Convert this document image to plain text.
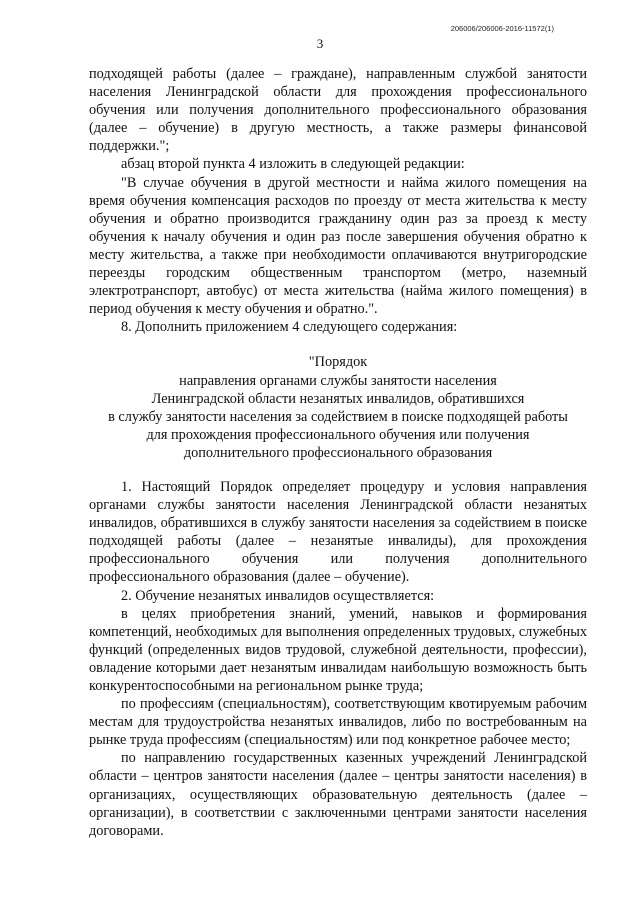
206006/206006-2016-11572(1)
3

подходящей работы (далее – граждане), направленным службой занятости населения Ленинградской области для прохождения профессионального обучения или получения дополнительного профессионального образования (далее – обучение) в другую местность, а также размеры финансовой поддержки.";

абзац второй пункта 4 изложить в следующей редакции:

"В случае обучения в другой местности и найма жилого помещения на время обучения компенсация расходов по проезду от места жительства к месту обучения и обратно производится гражданину один раз за проезд к месту обучения к началу обучения и один раз после завершения обучения обратно к месту жительства, а также при необходимости оплачиваются внутригородские переезды городским общественным транспортом (метро, наземный электротранспорт, автобус) от места жительства (найма жилого помещения) в период обучения к месту обучения и обратно.".

8. Дополнить приложением 4 следующего содержания:

"Порядок
направления органами службы занятости населения
Ленинградской области незанятых инвалидов, обратившихся
в службу занятости населения за содействием в поиске подходящей работы
для прохождения профессионального обучения или получения
дополнительного профессионального образования

1. Настоящий Порядок определяет процедуру и условия направления органами службы занятости населения Ленинградской области незанятых инвалидов, обратившихся в службу занятости населения за содействием в поиске подходящей работы (далее – незанятые инвалиды), для прохождения профессионального обучения или получения дополнительного профессионального образования (далее – обучение).

2. Обучение незанятых инвалидов осуществляется:

в целях приобретения знаний, умений, навыков и формирования компетенций, необходимых для выполнения определенных трудовых, служебных функций (определенных видов трудовой, служебной деятельности, профессии), овладение которыми дает незанятым инвалидам наибольшую возможность быть конкурентоспособными на региональном рынке труда;

по профессиям (специальностям), соответствующим квотируемым рабочим местам для трудоустройства незанятых инвалидов, либо по востребованным на рынке труда профессиям (специальностям) или под конкретное рабочее место;

по направлению государственных казенных учреждений Ленинградской области – центров занятости населения (далее – центры занятости населения) в организациях, осуществляющих образовательную деятельность (далее – организации), в соответствии с заключенными центрами занятости населения договорами.
